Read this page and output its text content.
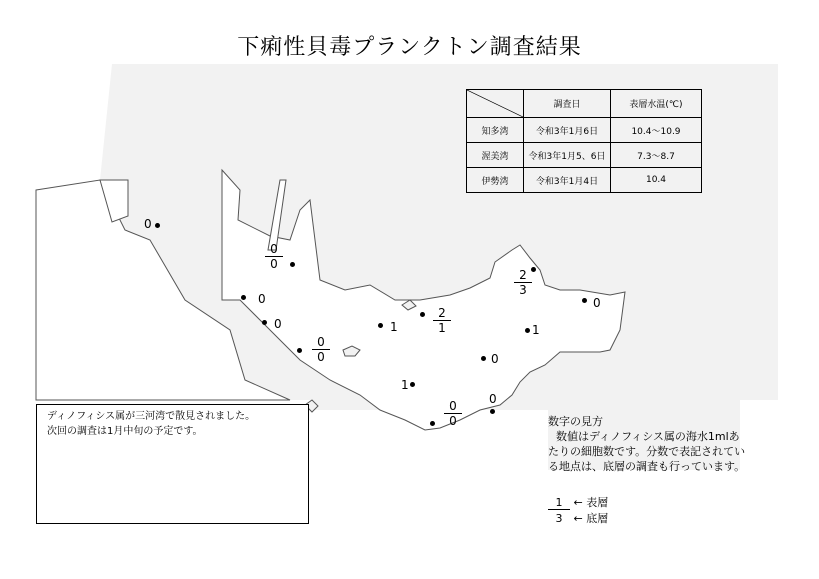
下痢性貝毒プランクトン調査結果
	調査日	表層水温(℃)
知多湾	令和3年1月6日	10.4～10.9
渥美湾	令和3年1月5、6日	7.3～8.7
伊勢湾	令和3年1月4日	10.4
0
$\frac{0}{0}$
0
0
$\frac{0}{0}$
1	$\frac{2}{1}$	1
$\frac{2}{3}$
0
0
1
$\frac{0}{0}$
0
ディノフィシス属が三河湾で散見されました。
次回の調査は1月中旬の予定です。
数字の見方
数値はディノフィシス属の海水1mlあたりの細胞数です。分数で表記されている地点は、底層の調査も行っています。
1 ← 表層
3 ← 底層
